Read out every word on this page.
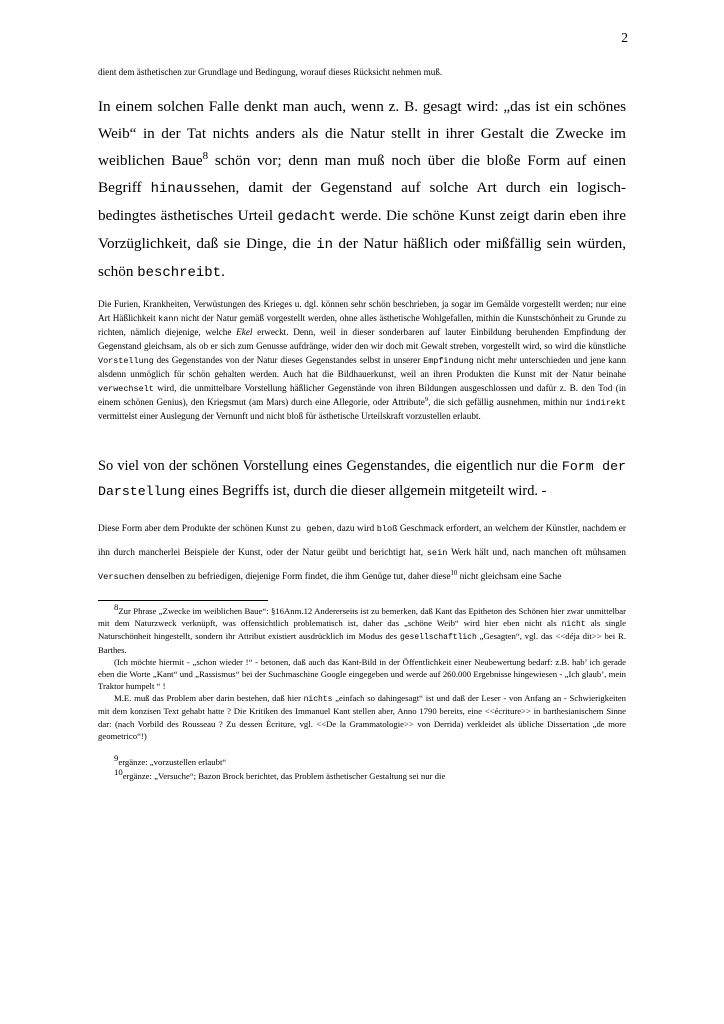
2

dient dem ästhetischen zur Grundlage und Bedingung, worauf dieses Rücksicht nehmen muß.

In einem solchen Falle denkt man auch, wenn z. B. gesagt wird: „das ist ein schönes Weib“ in der Tat nichts anders als die Natur stellt in ihrer Gestalt die Zwecke im weiblichen Baue$^8$ schön vor; denn man muß noch über die bloße Form auf einen Begriff hinaussehen, damit der Gegenstand auf solche Art durch ein logisch-bedingtes ästhetisches Urteil gedacht werde. Die schöne Kunst zeigt darin eben ihre Vorzüglichkeit, daß sie Dinge, die in der Natur häßlich oder mißfällig sein würden, schön beschreibt.

Die Furien, Krankheiten, Verwüstungen des Krieges u. dgl. können sehr schön beschrieben, ja sogar im Gemälde vorgestellt werden; nur eine Art Häßlichkeit kann nicht der Natur gemäß vorgestellt werden, ohne alles ästhetische Wohlgefallen, mithin die Kunstschönheit zu Grunde zu richten, nämlich diejenige, welche Ekel erweckt. Denn, weil in dieser sonderbaren auf lauter Einbildung beruhenden Empfindung der Gegenstand gleichsam, als ob er sich zum Genusse aufdränge, wider den wir doch mit Gewalt streben, vorgestellt wird, so wird die künstliche Vorstellung des Gegenstandes von der Natur dieses Gegenstandes selbst in unserer Empfindung nicht mehr unterschieden und jene kann alsdenn unmöglich für schön gehalten werden. Auch hat die Bildhauerkunst, weil an ihren Produkten die Kunst mit der Natur beinahe verwechselt wird, die unmittelbare Vorstellung häßlicher Gegenstände von ihren Bildungen ausgeschlossen und dafür z. B. den Tod (in einem schönen Genius), den Kriegsmut (am Mars) durch eine Allegorie, oder Attribute$^9$, die sich gefällig ausnehmen, mithin nur indirekt vermittelst einer Auslegung der Vernunft und nicht bloß für ästhetische Urteilskraft vorzustellen erlaubt.

So viel von der schönen Vorstellung eines Gegenstandes, die eigentlich nur die Form der Darstellung eines Begriffs ist, durch die dieser allgemein mitgeteilt wird. -

Diese Form aber dem Produkte der schönen Kunst zu geben, dazu wird bloß Geschmack erfordert, an welchem der Künstler, nachdem er ihn durch mancherlei Beispiele der Kunst, oder der Natur geübt und berichtigt hat, sein Werk hält und, nach manchen oft mühsamen Versuchen denselben zu befriedigen, diejenige Form findet, die ihm Genüge tut, daher diese$^{10}$ nicht gleichsam eine Sache

8Zur Phrase „Zwecke im weiblichen Baue“: §16Anm.12 Andererseits ist zu bemerken, daß Kant das Epitheton des Schönen hier zwar unmittelbar mit dem Naturzweck verknüpft, was offensichtlich problematisch ist, daher das „schöne Weib“ wird hier eben nicht als nicht als single Naturschönheit hingestellt, sondern ihr Attribut existiert ausdrücklich im Modus des gesellschaftlich „Gesagten“, vgl. das <<déja dit>> bei R. Barthes.

(Ich möchte hiermit - „schon wieder !“ - betonen, daß auch das Kant-Bild in der Öffentlichkeit einer Neubewertung bedarf: z.B. hab’ ich gerade eben die Worte „Kant“ und „Rassismus“ bei der Suchmaschine Google eingegeben und werde auf 260.000 Ergebnisse hingewiesen - „Ich glaub’, mein Traktor humpelt “ !

M.E. muß das Problem aber darin bestehen, daß hier nichts „einfach so dahingesagt“ ist und daß der Leser - von Anfang an - Schwierigkeiten mit dem konzisen Text gehabt hatte ? Die Kritiken des Immanuel Kant stellen aber, Anno 1790 bereits, eine <<écriture>> in barthesianischem Sinne dar: (nach Vorbild des Rousseau ? Zu dessen Écriture, vgl. <<De la Grammatologie>> von Derrida) verkleidet als übliche Dissertation „de more geometrico“!)

9ergänze: „vorzustellen erlaubt“

10ergänze: „Versuche“; Bazon Brock berichtet, das Problem ästhetischer Gestaltung sei nur die
